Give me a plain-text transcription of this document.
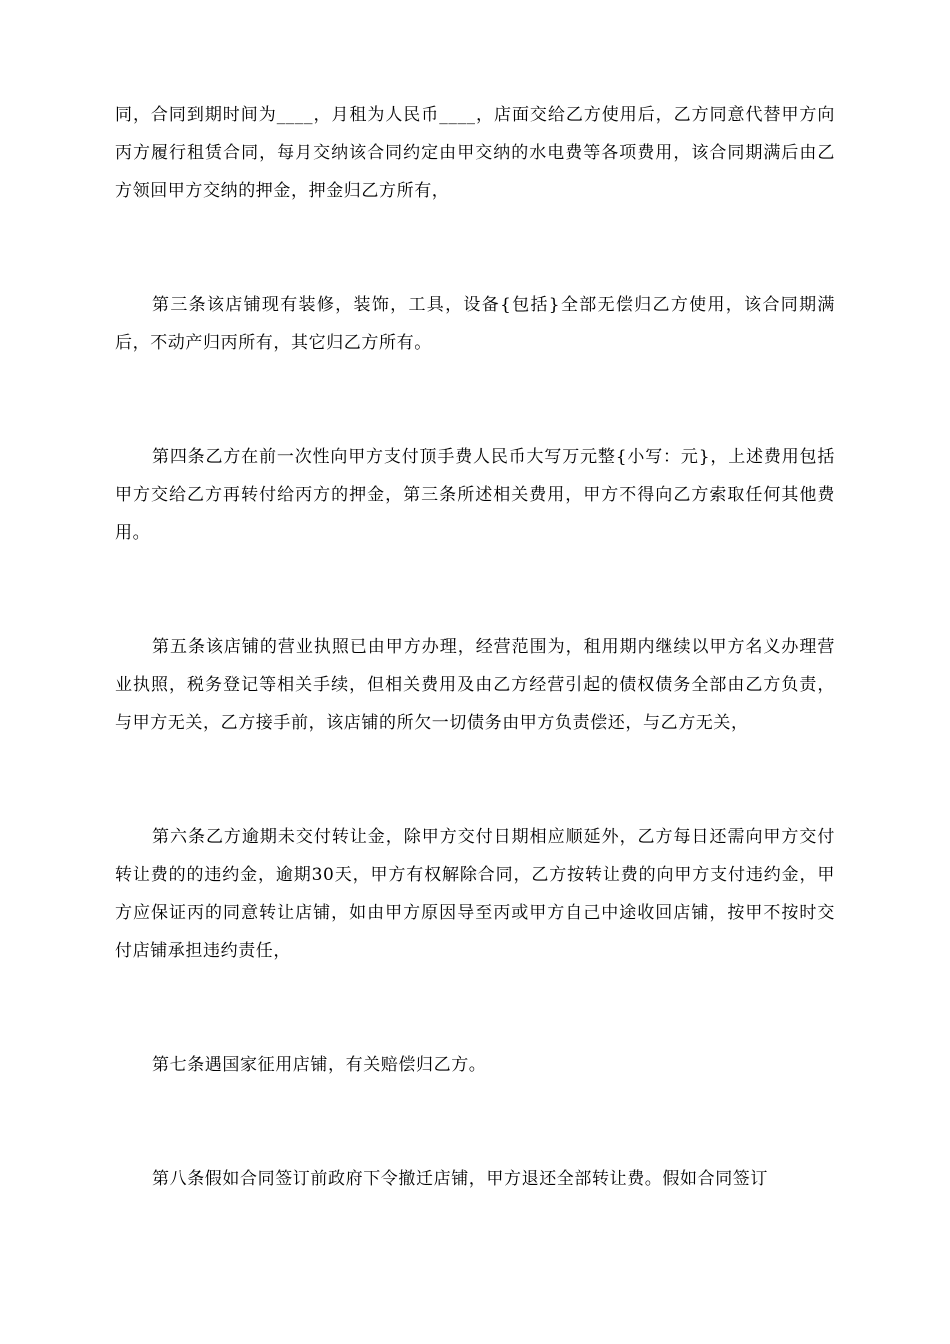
同，合同到期时间为____，月租为人民币____，店面交给乙方使用后，乙方同意代替甲方向丙方履行租赁合同，每月交纳该合同约定由甲交纳的水电费等各项费用，该合同期满后由乙方领回甲方交纳的押金，押金归乙方所有，

第三条该店铺现有装修，装饰，工具，设备{包括}全部无偿归乙方使用，该合同期满后，不动产归丙所有，其它归乙方所有。

第四条乙方在前一次性向甲方支付顶手费人民币大写万元整{小写：元}，上述费用包括甲方交给乙方再转付给丙方的押金，第三条所述相关费用，甲方不得向乙方索取任何其他费用。

第五条该店铺的营业执照已由甲方办理，经营范围为，租用期内继续以甲方名义办理营业执照，税务登记等相关手续，但相关费用及由乙方经营引起的债权债务全部由乙方负责，与甲方无关，乙方接手前，该店铺的所欠一切债务由甲方负责偿还，与乙方无关，

第六条乙方逾期未交付转让金，除甲方交付日期相应顺延外，乙方每日还需向甲方交付转让费的的违约金，逾期30天，甲方有权解除合同，乙方按转让费的向甲方支付违约金，甲方应保证丙的同意转让店铺，如由甲方原因导至丙或甲方自己中途收回店铺，按甲不按时交付店铺承担违约责任，

第七条遇国家征用店铺，有关赔偿归乙方。

第八条假如合同签订前政府下令撤迁店铺，甲方退还全部转让费。假如合同签订
